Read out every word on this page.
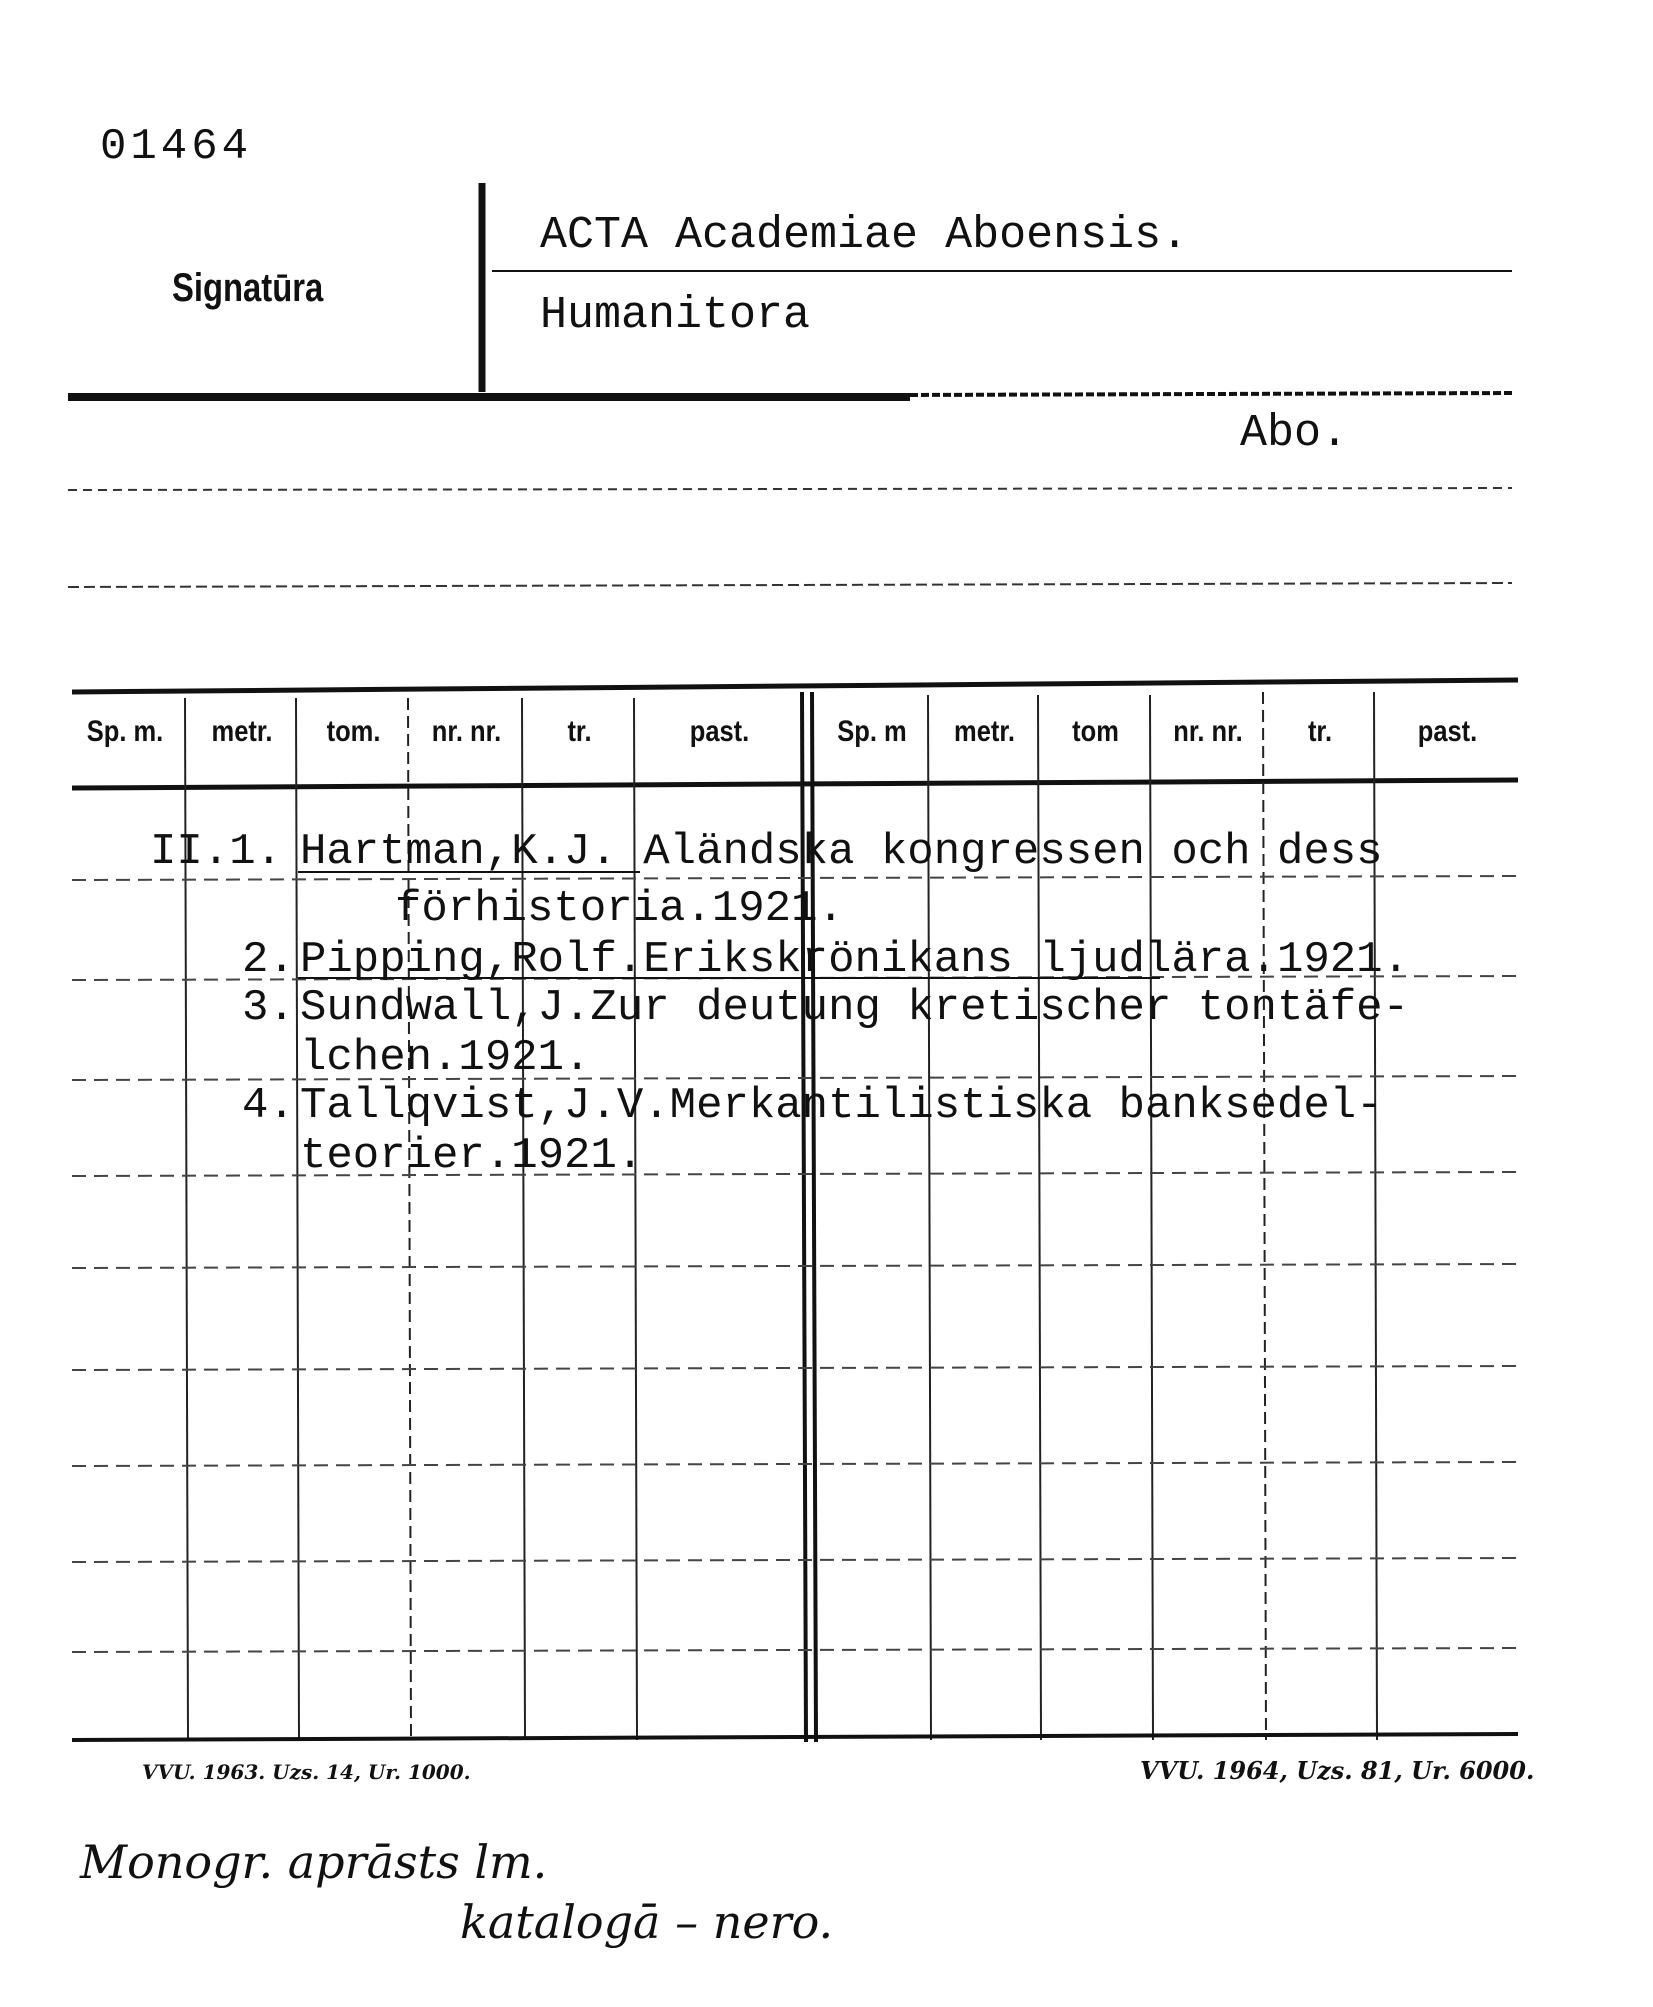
01464
Signatūra
ACTA Academiae Aboensis.
Humanitora
Abo.
Sp. m.	metr.	tom.	nr. nr.	tr.	past.	Sp. m	metr.	tom	nr. nr.	tr.	past.
II.1. Hartman,K.J. Aländska kongressen och dess
förhistoria.1921.
2. Pipping,Rolf.Erikskrönikans ljudlära.1921.
3. Sundwall,J.Zur deutung kretischer tontäfe-
lchen.1921.
4. Tallqvist,J.V.Merkantilistiska banksedel-
teorier.1921.
VVU. 1963. Uzs. 14, Ur. 1000.	VVU. 1964, Uzs. 81, Ur. 6000.
Monogr. aprāsts lm.
katalogā – nero.
